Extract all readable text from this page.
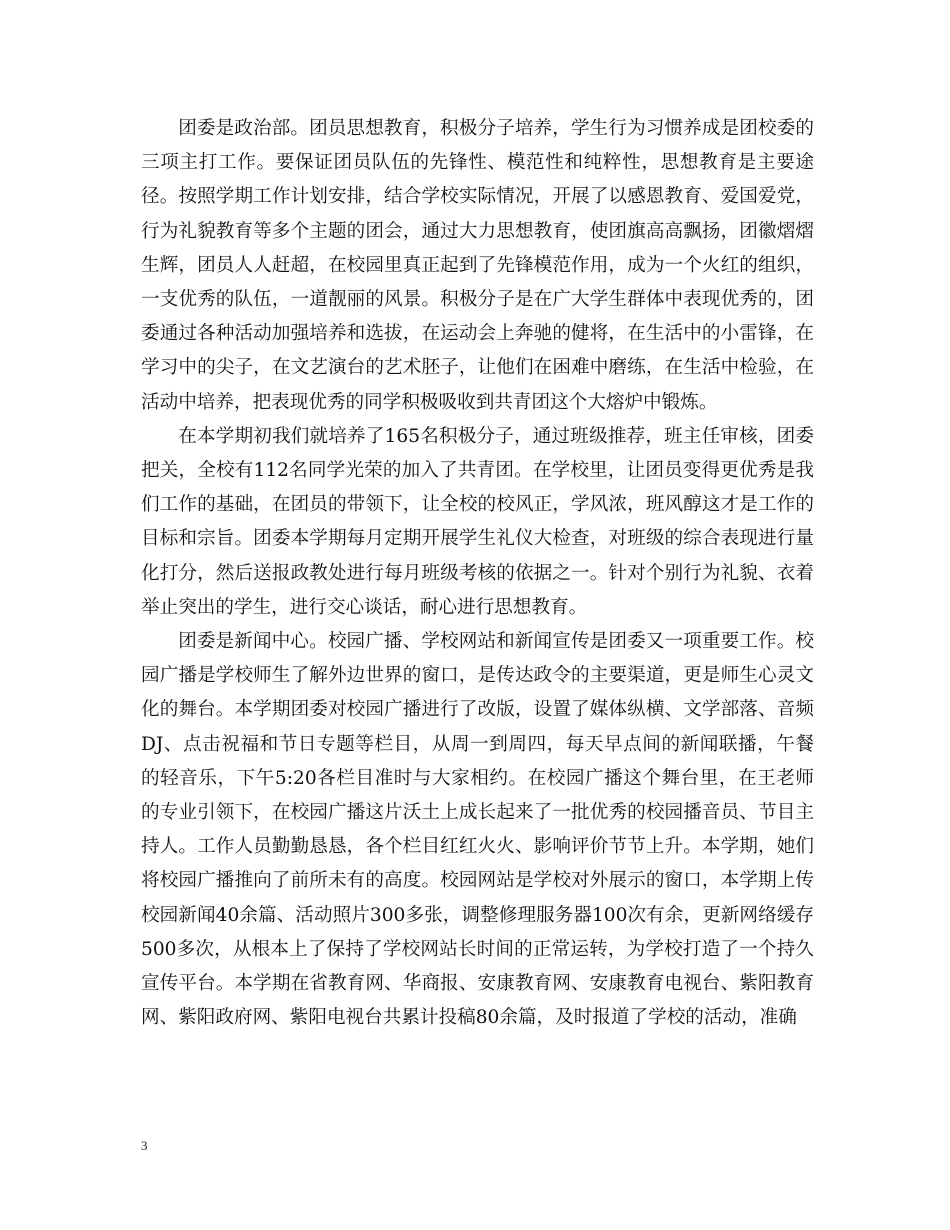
团委是政治部。团员思想教育，积极分子培养，学生行为习惯养成是团校委的三项主打工作。要保证团员队伍的先锋性、模范性和纯粹性，思想教育是主要途径。按照学期工作计划安排，结合学校实际情况，开展了以感恩教育、爱国爱党，行为礼貌教育等多个主题的团会，通过大力思想教育，使团旗高高飘扬，团徽熠熠生辉，团员人人赶超，在校园里真正起到了先锋模范作用，成为一个火红的组织，一支优秀的队伍，一道靓丽的风景。积极分子是在广大学生群体中表现优秀的，团委通过各种活动加强培养和选拔，在运动会上奔驰的健将，在生活中的小雷锋，在学习中的尖子，在文艺演台的艺术胚子，让他们在困难中磨练，在生活中检验，在活动中培养，把表现优秀的同学积极吸收到共青团这个大熔炉中锻炼。

在本学期初我们就培养了165名积极分子，通过班级推荐，班主任审核，团委把关，全校有112名同学光荣的加入了共青团。在学校里，让团员变得更优秀是我们工作的基础，在团员的带领下，让全校的校风正，学风浓，班风醇这才是工作的目标和宗旨。团委本学期每月定期开展学生礼仪大检查，对班级的综合表现进行量化打分，然后送报政教处进行每月班级考核的依据之一。针对个别行为礼貌、衣着举止突出的学生，进行交心谈话，耐心进行思想教育。

团委是新闻中心。校园广播、学校网站和新闻宣传是团委又一项重要工作。校园广播是学校师生了解外边世界的窗口，是传达政令的主要渠道，更是师生心灵文化的舞台。本学期团委对校园广播进行了改版，设置了媒体纵横、文学部落、音频DJ、点击祝福和节日专题等栏目，从周一到周四，每天早点间的新闻联播，午餐的轻音乐，下午5:20各栏目准时与大家相约。在校园广播这个舞台里，在王老师的专业引领下，在校园广播这片沃土上成长起来了一批优秀的校园播音员、节目主持人。工作人员勤勤恳恳，各个栏目红红火火、影响评价节节上升。本学期，她们将校园广播推向了前所未有的高度。校园网站是学校对外展示的窗口，本学期上传校园新闻40余篇、活动照片300多张，调整修理服务器100次有余，更新网络缓存500多次，从根本上了保持了学校网站长时间的正常运转，为学校打造了一个持久宣传平台。本学期在省教育网、华商报、安康教育网、安康教育电视台、紫阳教育网、紫阳政府网、紫阳电视台共累计投稿80余篇，及时报道了学校的活动，准确

3
